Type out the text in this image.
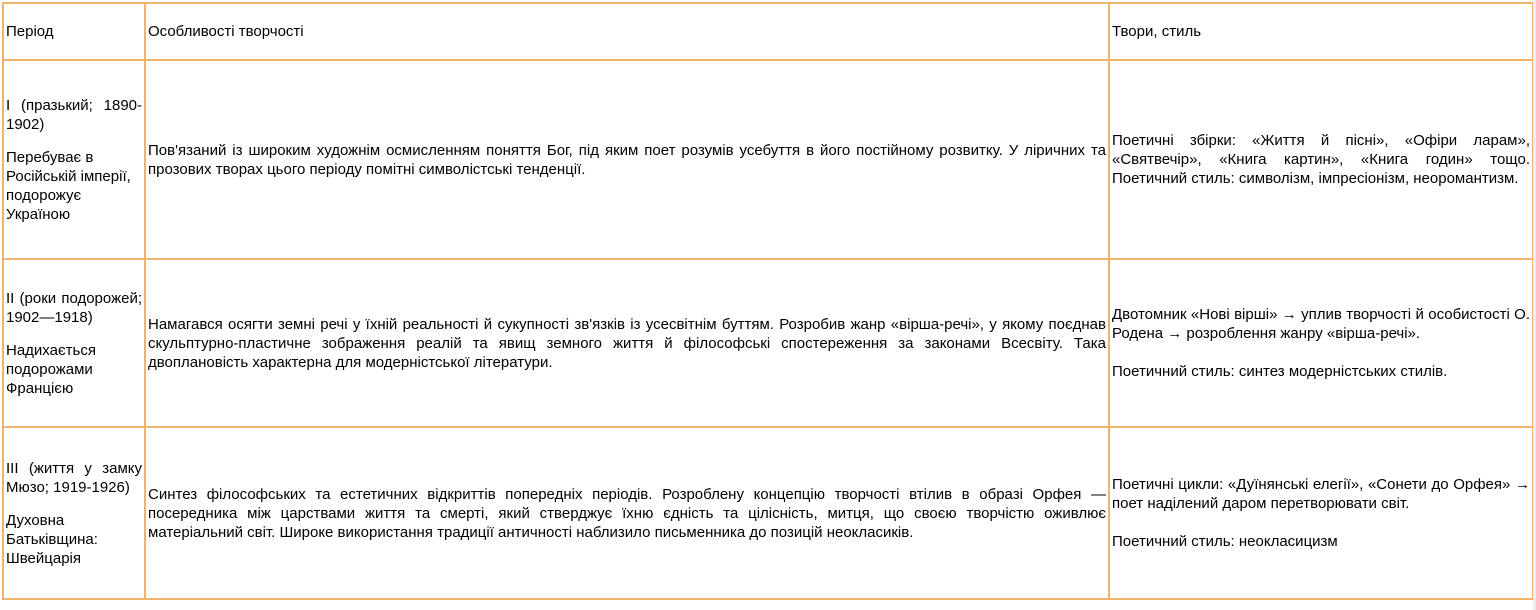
Період	Особливості творчості	Твори, стиль

I (празький; 1890-1902)
Перебуває в Російській імперії, подорожує Україною	Пов'язаний із широким художнім осмисленням поняття Бог, під яким поет розумів усебуття в його постійному розвитку. У ліричних та прозових творах цього періоду помітні символістські тенденції.	Поетичні збірки: «Життя й пісні», «Офіри ларам», «Святвечір», «Книга картин», «Книга годин» тощо. Поетичний стиль: символізм, імпресіонізм, неоромантизм.

II (роки подорожей; 1902—1918)
Надихається подорожами Францією	Намагався осягти земні речі у їхній реальності й сукупності зв'язків із усесвітнім буттям. Розробив жанр «вірша-речі», у якому поєднав скульптурно-пластичне зображення реалій та явищ земного життя й філософські спостереження за законами Всесвіту. Така двоплановість характерна для модерністської літератури.	Двотомник «Нові вірші» → уплив творчості й особистості О. Родена → розроблення жанру «вірша-речі».
Поетичний стиль: синтез модерністських стилів.

III (життя у замку Мюзо; 1919-1926)
Духовна Батьківщина: Швейцарія	Синтез філософських та естетичних відкриттів попередніх періодів. Розроблену концепцію творчості втілив в образі Орфея — посередника між царствами життя та смерті, який стверджує їхню єдність та цілісність, митця, що своєю творчістю оживлює матеріальний світ. Широке використання традиції античності наблизило письменника до позицій неокласиків.	Поетичні цикли: «Дуїнянські елегії», «Сонети до Орфея» → поет наділений даром перетворювати світ.
Поетичний стиль: неокласицизм
